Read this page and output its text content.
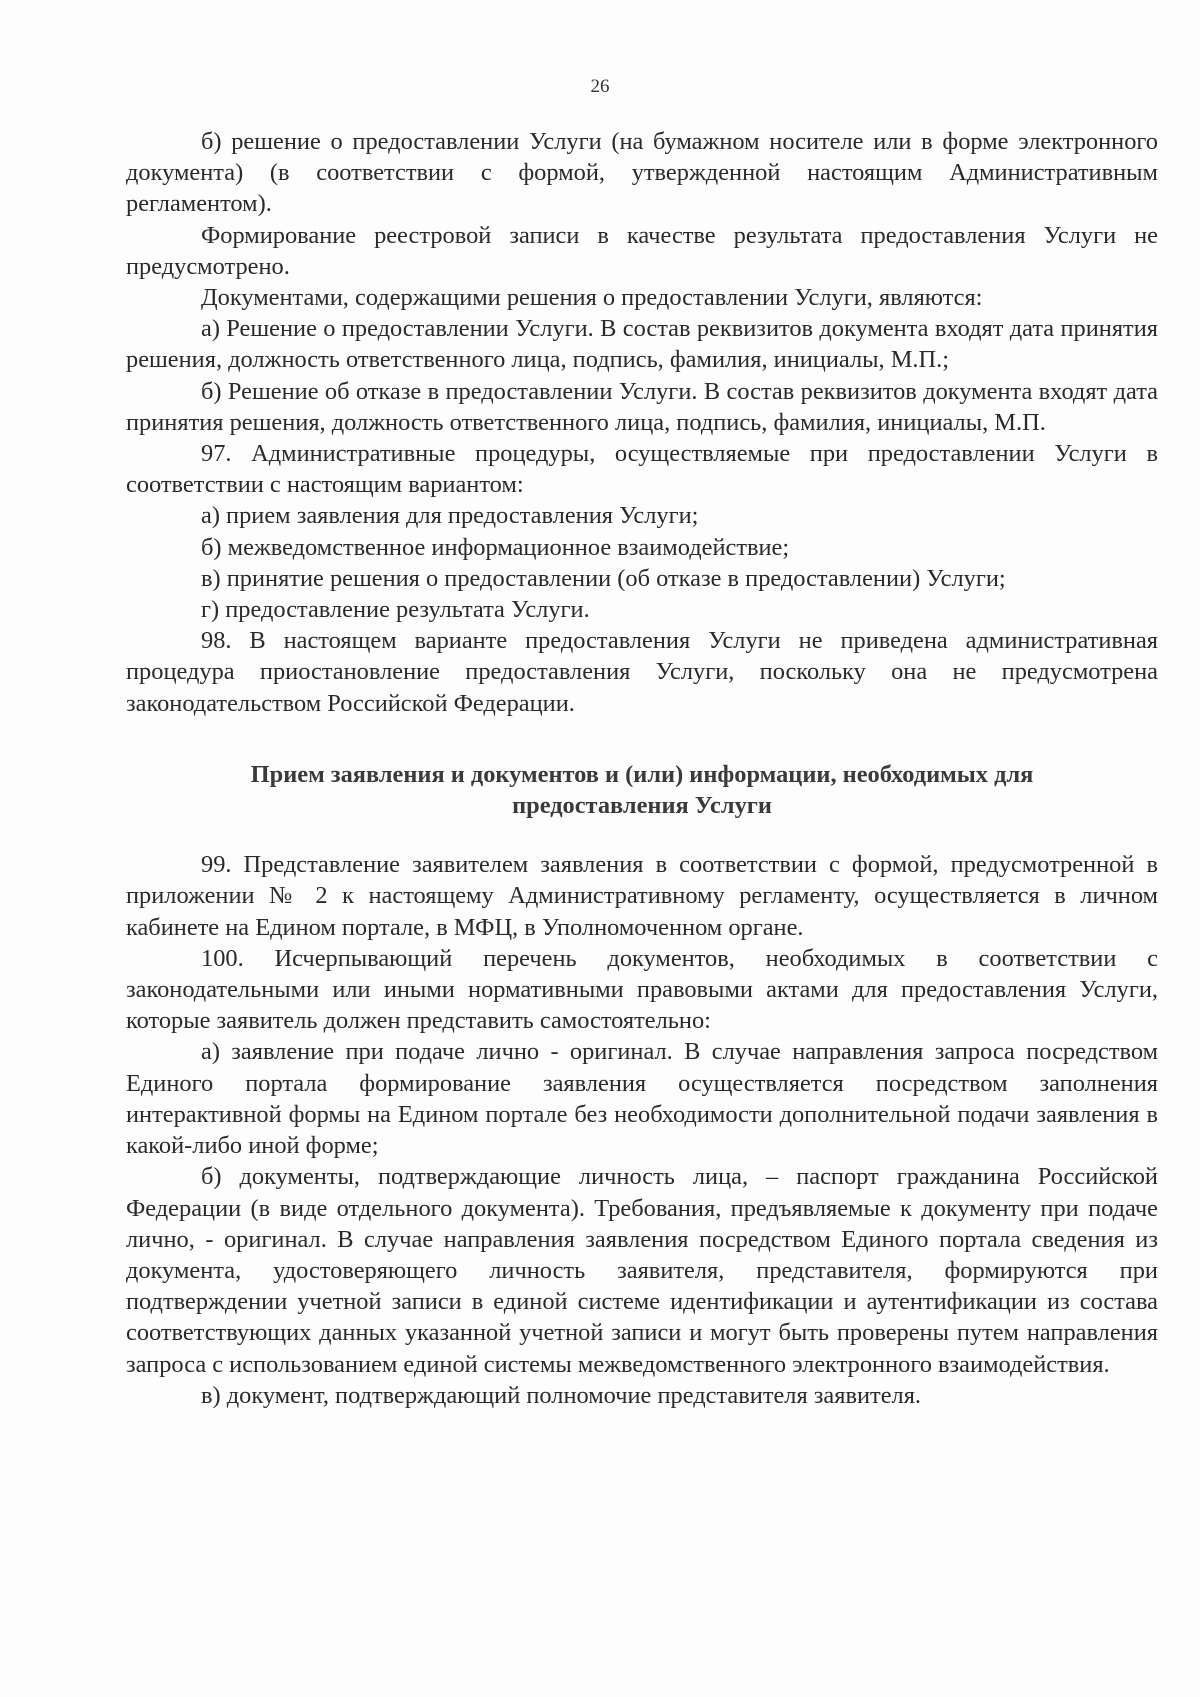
26

б) решение о предоставлении Услуги (на бумажном носителе или в форме электронного документа) (в соответствии с формой, утвержденной настоящим Административным регламентом).

Формирование реестровой записи в качестве результата предоставления Услуги не предусмотрено.

Документами, содержащими решения о предоставлении Услуги, являются:

а) Решение о предоставлении Услуги. В состав реквизитов документа входят дата принятия решения, должность ответственного лица, подпись, фамилия, инициалы, М.П.;

б) Решение об отказе в предоставлении Услуги. В состав реквизитов документа входят дата принятия решения, должность ответственного лица, подпись, фамилия, инициалы, М.П.

97. Административные процедуры, осуществляемые при предоставлении Услуги в соответствии с настоящим вариантом:

а) прием заявления для предоставления Услуги;

б) межведомственное информационное взаимодействие;

в) принятие решения о предоставлении (об отказе в предоставлении) Услуги;

г) предоставление результата Услуги.

98. В настоящем варианте предоставления Услуги не приведена административная процедура приостановление предоставления Услуги, поскольку она не предусмотрена законодательством Российской Федерации.

Прием заявления и документов и (или) информации, необходимых для
предоставления Услуги

99. Представление заявителем заявления в соответствии с формой, предусмотренной в приложении № 2 к настоящему Административному регламенту, осуществляется в личном кабинете на Едином портале, в МФЦ, в Уполномоченном органе.

100. Исчерпывающий перечень документов, необходимых в соответствии с законодательными или иными нормативными правовыми актами для предоставления Услуги, которые заявитель должен представить самостоятельно:

а) заявление при подаче лично - оригинал. В случае направления запроса посредством Единого портала формирование заявления осуществляется посредством заполнения интерактивной формы на Едином портале без необходимости дополнительной подачи заявления в какой-либо иной форме;

б) документы, подтверждающие личность лица, – паспорт гражданина Российской Федерации (в виде отдельного документа). Требования, предъявляемые к документу при подаче лично, - оригинал. В случае направления заявления посредством Единого портала сведения из документа, удостоверяющего личность заявителя, представителя, формируются при подтверждении учетной записи в единой системе идентификации и аутентификации из состава соответствующих данных указанной учетной записи и могут быть проверены путем направления запроса с использованием единой системы межведомственного электронного взаимодействия.

в) документ, подтверждающий полномочие представителя заявителя.
